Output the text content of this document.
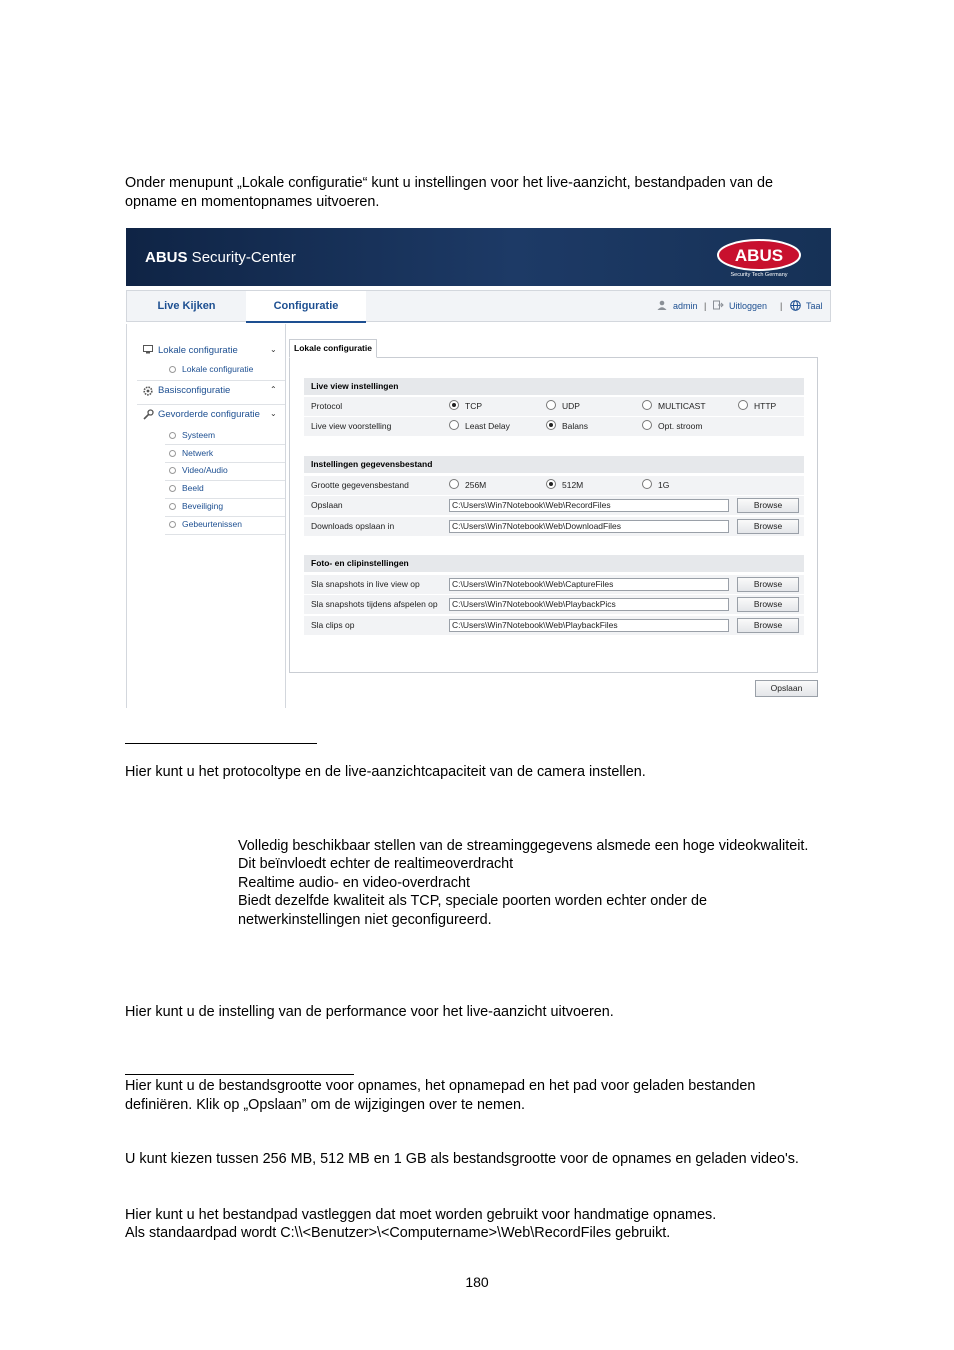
Onder menupunt „Lokale configuratie“ kunt u instellingen voor het live-aanzicht, bestandpaden van de

opname en momentopnames uitvoeren.

ABUS Security-Center	ABUS
Security Tech Germany
Live Kijken	Configuratie	admin |	Uitloggen |	Taal
Lokale configuratie	⌄
Lokale configuratie
Basisconfiguratie	⌃
Gevorderde configuratie ⌄
Systeem
Netwerk
Video/Audio
Beeld
Beveiliging
Gebeurtenissen
Lokale configuratie
Live view instellingen
Protocol	TCP	UDP	MULTICAST	HTTP
Live view voorstelling	Least Delay	Balans	Opt. stroom
Instellingen gegevensbestand
Grootte gegevensbestand	256M	512M	1G
Opslaan	C:\Users\Win7Notebook\Web\RecordFiles	Browse
Downloads opslaan in	C:\Users\Win7Notebook\Web\DownloadFiles	Browse
Foto- en clipinstellingen
Sla snapshots in live view op	C:\Users\Win7Notebook\Web\CaptureFiles	Browse
Sla snapshots tijdens afspelen op	C:\Users\Win7Notebook\Web\PlaybackPics	Browse
Sla clips op	C:\Users\Win7Notebook\Web\PlaybackFiles	Browse
Opslaan

Hier kunt u het protocoltype en de live-aanzichtcapaciteit van de camera instellen.

Volledig beschikbaar stellen van de streaminggegevens alsmede een hoge videokwaliteit.

Dit beïnvloedt echter de realtimeoverdracht

Realtime audio- en video-overdracht

Biedt dezelfde kwaliteit als TCP, speciale poorten worden echter onder de

netwerkinstellingen niet geconfigureerd.

Hier kunt u de instelling van de performance voor het live-aanzicht uitvoeren.

Hier kunt u de bestandsgrootte voor opnames, het opnamepad en het pad voor geladen bestanden

definiëren. Klik op „Opslaan” om de wijzigingen over te nemen.

U kunt kiezen tussen 256 MB, 512 MB en 1 GB als bestandsgrootte voor de opnames en geladen video's.

Hier kunt u het bestandpad vastleggen dat moet worden gebruikt voor handmatige opnames.

Als standaardpad wordt C:\\<Benutzer>\<Computername>\Web\RecordFiles gebruikt.

180
